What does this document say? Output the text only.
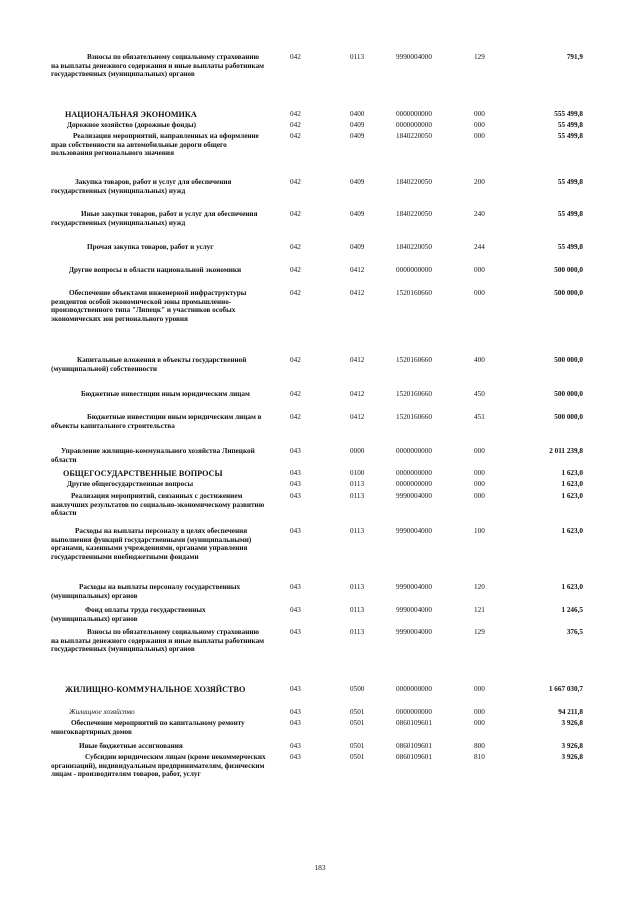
Взносы по обязательному социальному страхованию на выплаты денежного содержания и иные выплаты работникам государственных (муниципальных) органов
042	0113	9990004000	129	791,9
НАЦИОНАЛЬНАЯ ЭКОНОМИКА	042	0400	0000000000	000	555 499,8
Дорожное хозяйство (дорожные фонды)	042	0409	0000000000	000	55 499,8
Реализация мероприятий, направленных на оформление прав собственности на автомобильные дороги общего пользования регионального значения
042	0409	1840220050	000	55 499,8
Закупка товаров, работ и услуг для обеспечения государственных (муниципальных) нужд
042	0409	1840220050	200	55 499,8
Иные закупки товаров, работ и услуг для обеспечения государственных (муниципальных) нужд
042	0409	1840220050	240	55 499,8
Прочая закупка товаров, работ и услуг	042	0409	1840220050	244	55 499,8
Другие вопросы в области национальной экономики	042	0412	0000000000	000	500 000,0
Обеспечение объектами инженерной инфраструктуры резидентов особой экономической зоны промышленно-производственного типа "Липецк" и участников особых экономических зон регионального уровня
042	0412	1520160660	000	500 000,0
Капитальные вложения в объекты государственной (муниципальной) собственности
042	0412	1520160660	400	500 000,0
Бюджетные инвестиции иным юридическим лицам	042	0412	1520160660	450	500 000,0
Бюджетные инвестиции иным юридическим лицам в объекты капитального строительства
042	0412	1520160660	451	500 000,0
Управление жилищно-коммунального хозяйства Липецкой области
043	0000	0000000000	000	2 011 239,8
ОБЩЕГОСУДАРСТВЕННЫЕ ВОПРОСЫ	043	0100	0000000000	000	1 623,0
Другие общегосударственные вопросы	043	0113	0000000000	000	1 623,0
Реализация мероприятий, связанных с достижением наилучших результатов по социально-экономическому развитию области
043	0113	9990004000	000	1 623,0
Расходы на выплаты персоналу в целях обеспечения выполнения функций государственными (муниципальными) органами, казенными учреждениями, органами управления государственными внебюджетными фондами
043	0113	9990004000	100	1 623,0
Расходы на выплаты персоналу государственных (муниципальных) органов
043	0113	9990004000	120	1 623,0
Фонд оплаты труда государственных (муниципальных) органов
043	0113	9990004000	121	1 246,5
Взносы по обязательному социальному страхованию на выплаты денежного содержания и иные выплаты работникам государственных (муниципальных) органов
043	0113	9990004000	129	376,5
ЖИЛИЩНО-КОММУНАЛЬНОЕ ХОЗЯЙСТВО	043	0500	0000000000	000	1 667 030,7
Жилищное хозяйство	043	0501	0000000000	000	94 211,8
Обеспечение мероприятий по капитальному ремонту многоквартирных домов
043	0501	0860109601	000	3 926,8
Иные бюджетные ассигнования	043	0501	0860109601	800	3 926,8
Субсидии юридическим лицам (кроме некоммерческих организаций), индивидуальным предпринимателям, физическим лицам - производителям товаров, работ, услуг
043	0501	0860109601	810	3 926,8
183
